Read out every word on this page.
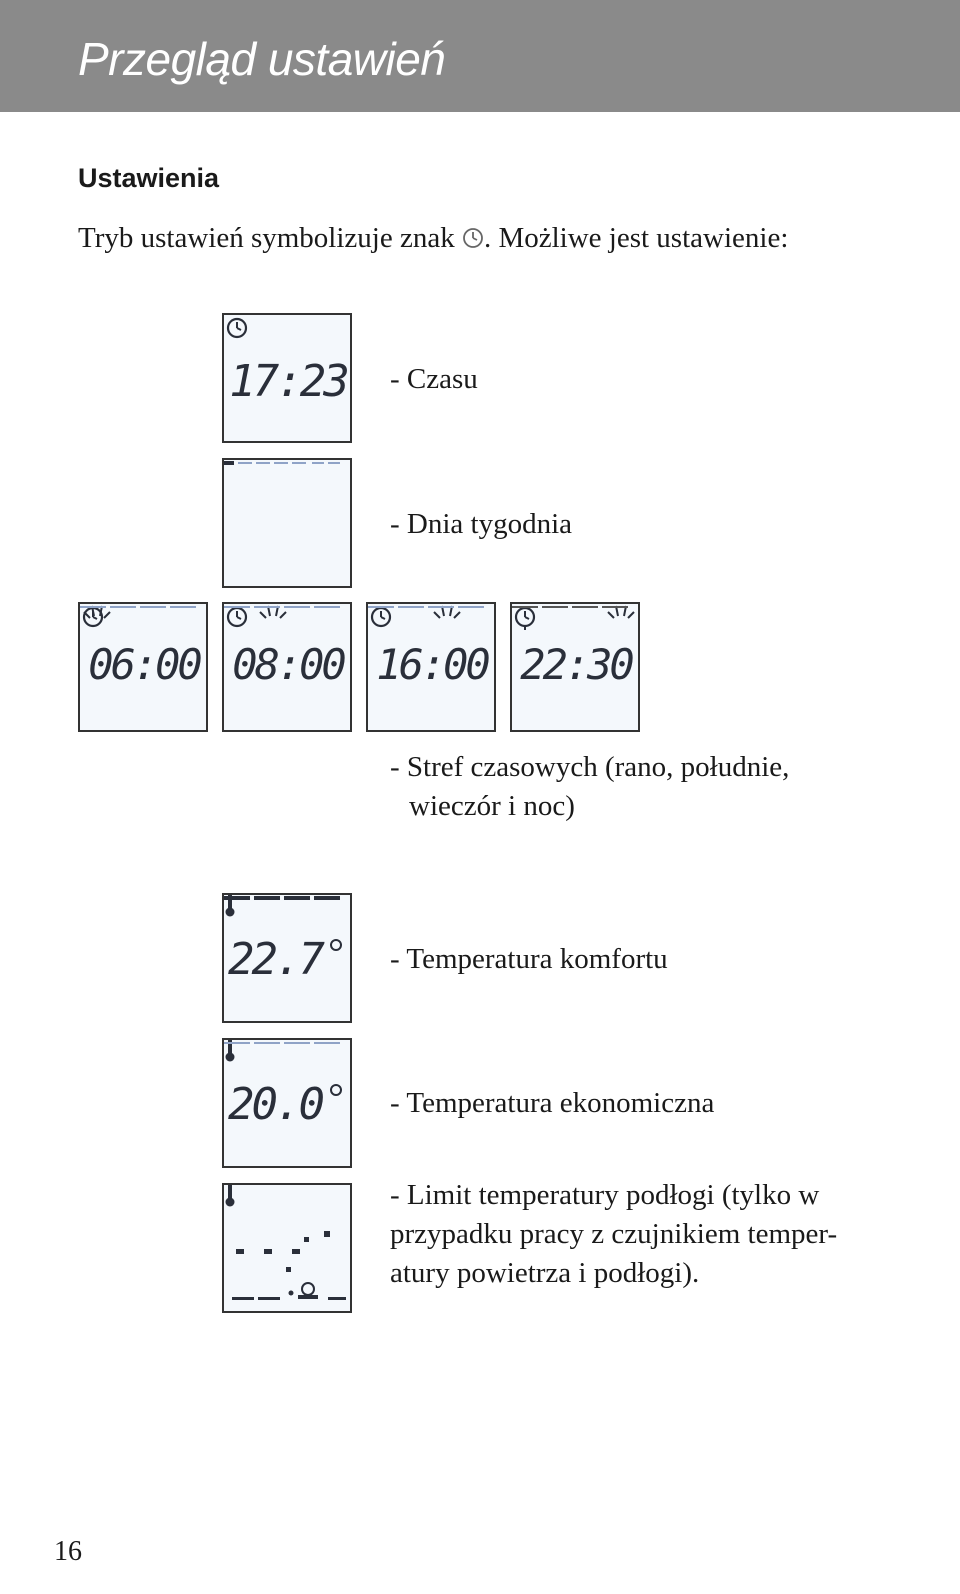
Przegląd ustawień
Ustawienia
Tryb ustawień symbolizuje znak . Możliwe jest ustawienie:
17:23 - Czasu
- Dnia tygodnia
06:00 08:00 16:00 22:30
- Stref czasowych (rano, południe,
wieczór i noc)
22.7	- Temperatura komfortu
20.0	- Temperatura ekonomiczna
- Limit temperatury podłogi (tylko w
przypadku pracy z czujnikiem temper-
atury powietrza i podłogi).
16
